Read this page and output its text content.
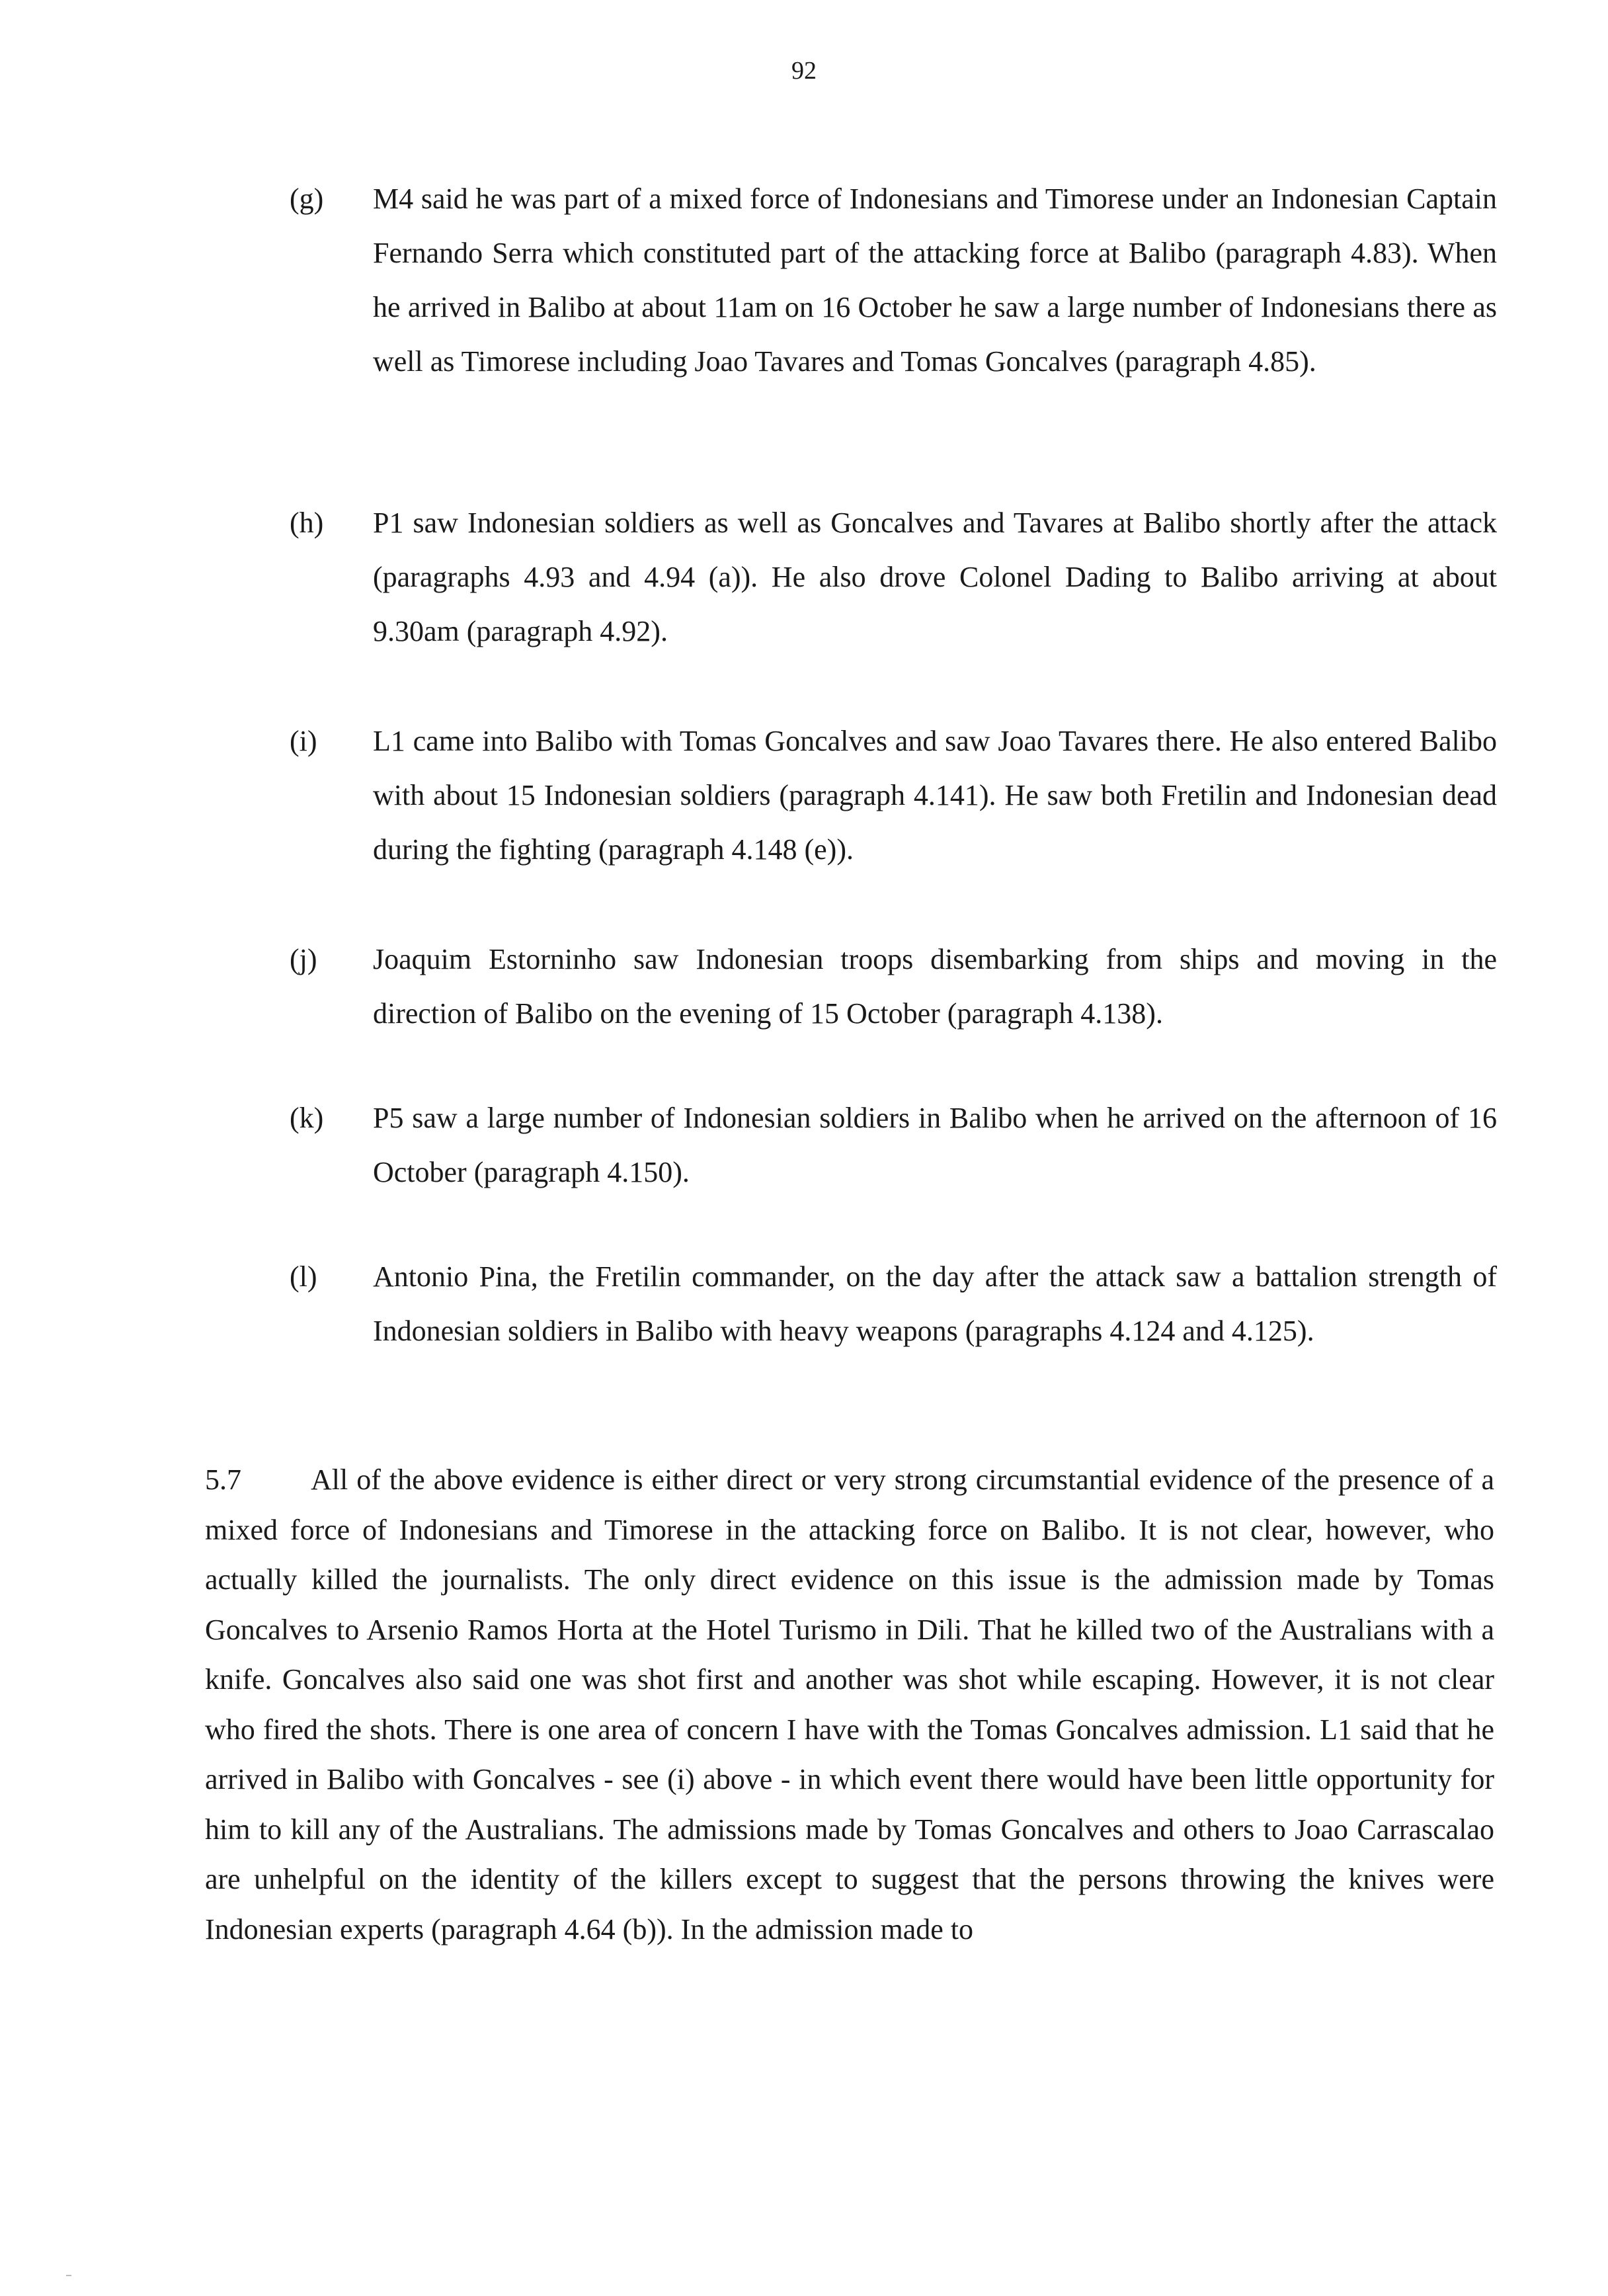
92
(g) M4 said he was part of a mixed force of Indonesians and Timorese under an Indonesian Captain Fernando Serra which constituted part of the attacking force at Balibo (paragraph 4.83). When he arrived in Balibo at about 11am on 16 October he saw a large number of Indonesians there as well as Timorese including Joao Tavares and Tomas Goncalves (paragraph 4.85).
(h) P1 saw Indonesian soldiers as well as Goncalves and Tavares at Balibo shortly after the attack (paragraphs 4.93 and 4.94 (a)). He also drove Colonel Dading to Balibo arriving at about 9.30am (paragraph 4.92).
(i) L1 came into Balibo with Tomas Goncalves and saw Joao Tavares there. He also entered Balibo with about 15 Indonesian soldiers (paragraph 4.141). He saw both Fretilin and Indonesian dead during the fighting (paragraph 4.148 (e)).
(j) Joaquim Estorninho saw Indonesian troops disembarking from ships and moving in the direction of Balibo on the evening of 15 October (paragraph 4.138).
(k) P5 saw a large number of Indonesian soldiers in Balibo when he arrived on the afternoon of 16 October (paragraph 4.150).
(l) Antonio Pina, the Fretilin commander, on the day after the attack saw a battalion strength of Indonesian soldiers in Balibo with heavy weapons (paragraphs 4.124 and 4.125).
5.7 All of the above evidence is either direct or very strong circumstantial evidence of the presence of a mixed force of Indonesians and Timorese in the attacking force on Balibo. It is not clear, however, who actually killed the journalists. The only direct evidence on this issue is the admission made by Tomas Goncalves to Arsenio Ramos Horta at the Hotel Turismo in Dili. That he killed two of the Australians with a knife. Goncalves also said one was shot first and another was shot while escaping. However, it is not clear who fired the shots. There is one area of concern I have with the Tomas Goncalves admission. L1 said that he arrived in Balibo with Goncalves - see (i) above - in which event there would have been little opportunity for him to kill any of the Australians. The admissions made by Tomas Goncalves and others to Joao Carrascalao are unhelpful on the identity of the killers except to suggest that the persons throwing the knives were Indonesian experts (paragraph 4.64 (b)). In the admission made to
